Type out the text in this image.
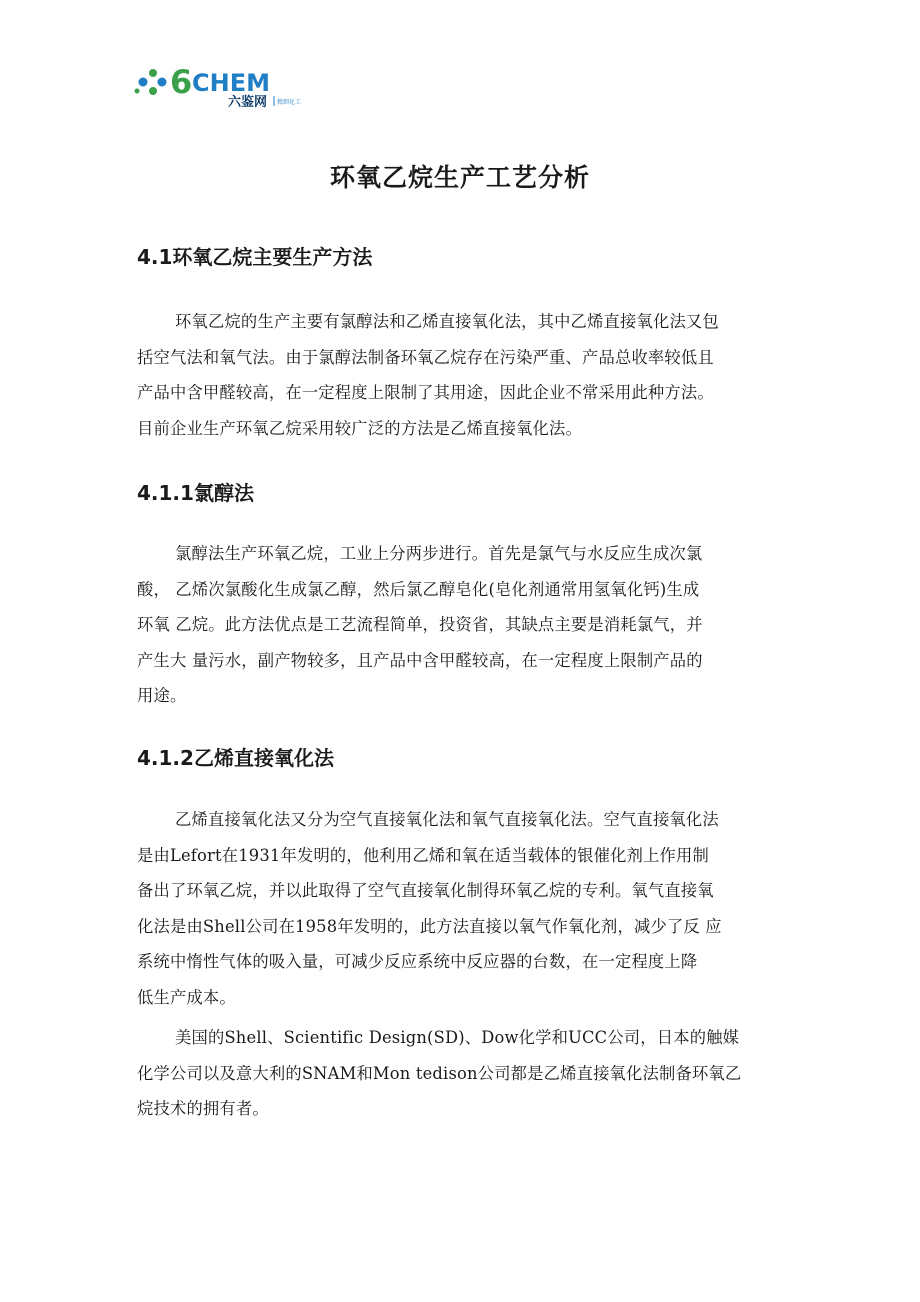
6 CHEM
六鉴网 精细化工
环氧乙烷生产工艺分析
4.1环氧乙烷主要生产方法
环氧乙烷的生产主要有氯醇法和乙烯直接氧化法，其中乙烯直接氧化法又包
括空气法和氧气法。由于氯醇法制备环氧乙烷存在污染严重、产品总收率较低且
产品中含甲醛较高，在一定程度上限制了其用途，因此企业不常采用此种方法。
目前企业生产环氧乙烷采用较广泛的方法是乙烯直接氧化法。
4.1.1氯醇法
氯醇法生产环氧乙烷，工业上分两步进行。首先是氯气与水反应生成次氯
酸， 乙烯次氯酸化生成氯乙醇，然后氯乙醇皂化(皂化剂通常用氢氧化钙)生成
环氧 乙烷。此方法优点是工艺流程简单，投资省，其缺点主要是消耗氯气，并
产生大 量污水，副产物较多，且产品中含甲醛较高，在一定程度上限制产品的
用途。
4.1.2乙烯直接氧化法
乙烯直接氧化法又分为空气直接氧化法和氧气直接氧化法。空气直接氧化法
是由Lefort在1931年发明的，他利用乙烯和氧在适当载体的银催化剂上作用制
备出了环氧乙烷，并以此取得了空气直接氧化制得环氧乙烷的专利。氧气直接氧
化法是由Shell公司在1958年发明的，此方法直接以氧气作氧化剂，减少了反 应
系统中惰性气体的吸入量，可减少反应系统中反应器的台数，在一定程度上降
低生产成本。
美国的Shell、Scientific Design(SD)、Dow化学和UCC公司，日本的触媒
化学公司以及意大利的SNAM和Mon tedison公司都是乙烯直接氧化法制备环氧乙
烷技术的拥有者。
